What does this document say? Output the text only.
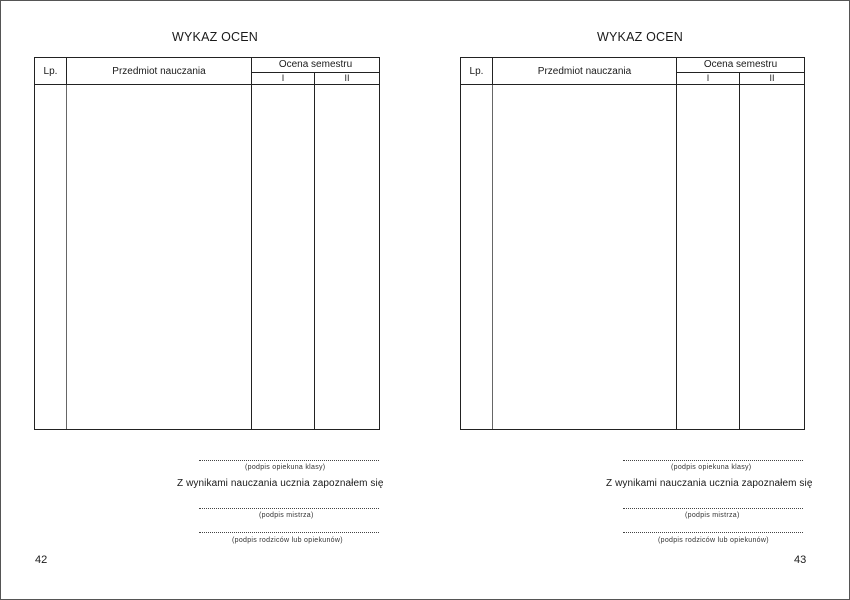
WYKAZ OCEN
Lp.	Przedmiot nauczania	Ocena semestru	
		I	II

(podpis opiekuna klasy)
Z wynikami nauczania ucznia zapoznałem się
(podpis mistrza)
(podpis rodziców lub opiekunów)
42
WYKAZ OCEN
Lp.	Przedmiot nauczania	Ocena semestru	
		I	II

(podpis opiekuna klasy)
Z wynikami nauczania ucznia zapoznałem się
(podpis mistrza)
(podpis rodziców lub opiekunów)
43
